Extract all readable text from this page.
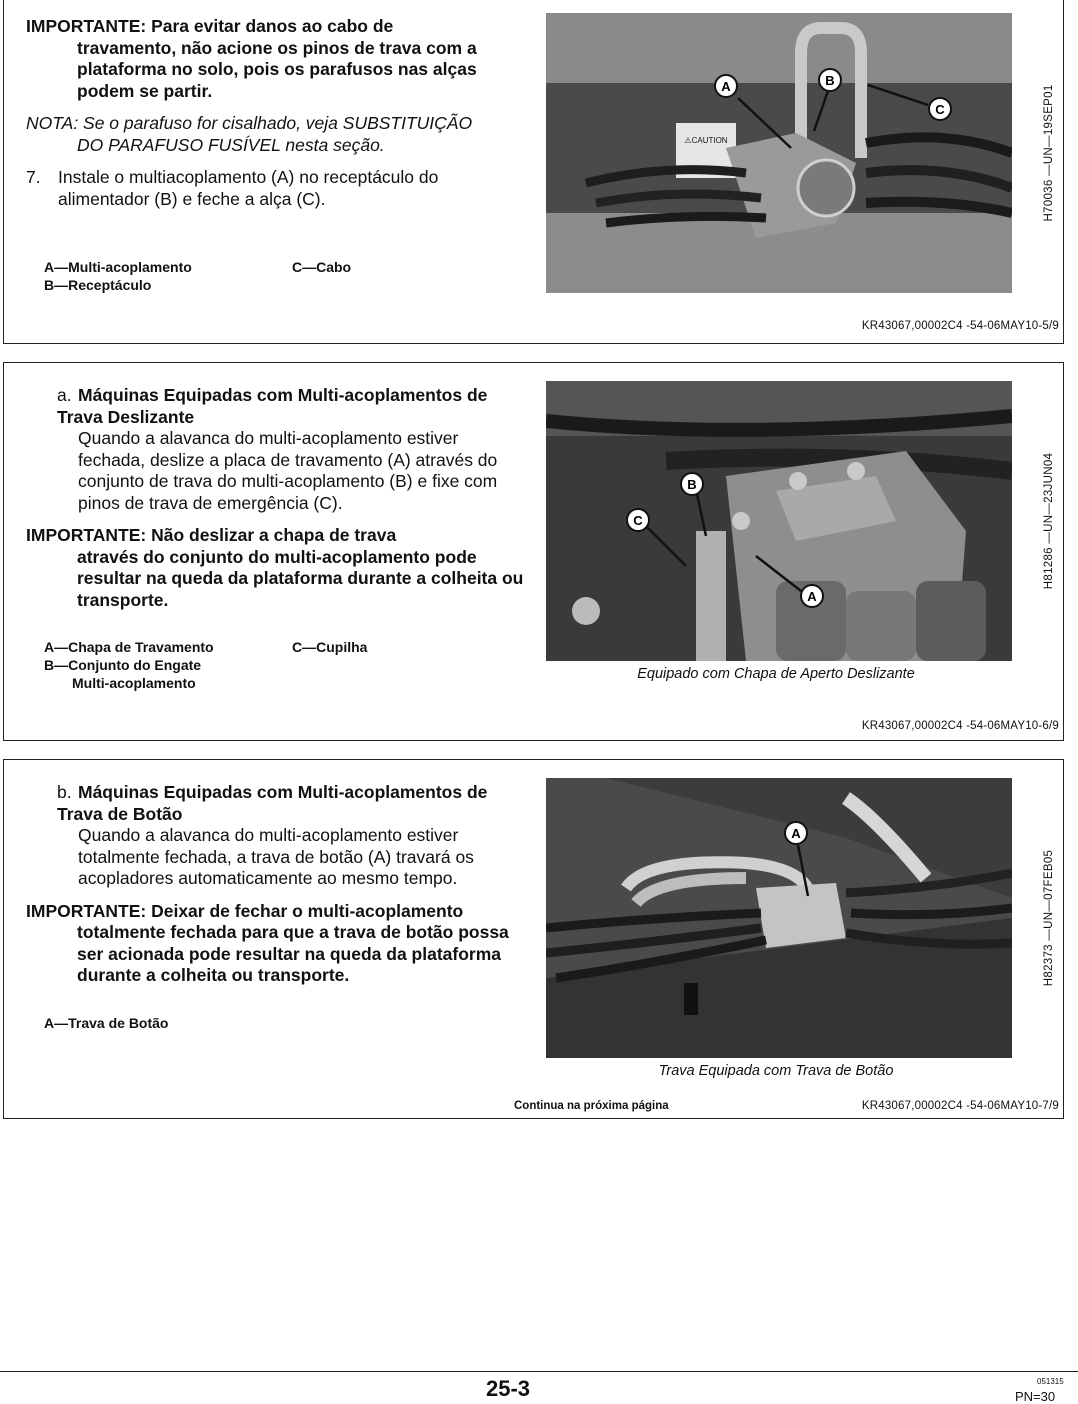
IMPORTANTE: Para evitar danos ao cabo de
travamento, não acione os pinos de trava com a plataforma no solo, pois os parafusos nas alças podem se partir.

NOTA: Se o parafuso for cisalhado, veja SUBSTITUIÇÃO
DO PARAFUSO FUSÍVEL nesta seção.

7. Instale o multiacoplamento (A) no receptáculo do alimentador (B) e feche a alça (C).
A—Multi-acoplamento	C—Cabo
B—Receptáculo
⚠CAUTION
A	B
C	H70036 —UN—19SEP01
KR43067,00002C4 -54-06MAY10-5/9

a. Máquinas Equipadas com Multi-acoplamentos de Trava Deslizante
Quando a alavanca do multi-acoplamento estiver fechada, deslize a placa de travamento (A) através do conjunto de trava do multi-acoplamento (B) e fixe com pinos de trava de emergência (C).

IMPORTANTE: Não deslizar a chapa de trava
através do conjunto do multi-acoplamento pode resultar na queda da plataforma durante a colheita ou transporte.

A—Chapa de Travamento	C—Cupilha
B—Conjunto do Engate
Multi-acoplamento
B
C
A
Equipado com Chapa de Aperto Deslizante
H81286 —UN—23JUN04
KR43067,00002C4 -54-06MAY10-6/9

b. Máquinas Equipadas com Multi-acoplamentos de Trava de Botão
Quando a alavanca do multi-acoplamento estiver totalmente fechada, a trava de botão (A) travará os acopladores automaticamente ao mesmo tempo.

IMPORTANTE: Deixar de fechar o multi-acoplamento
totalmente fechada para que a trava de botão possa ser acionada pode resultar na queda da plataforma durante a colheita ou transporte.

A—Trava de Botão
A
Trava Equipada com Trava de Botão
H82373 —UN—07FEB05
Continua na próxima página	KR43067,00002C4 -54-06MAY10-7/9
25-3	051315
PN=30
